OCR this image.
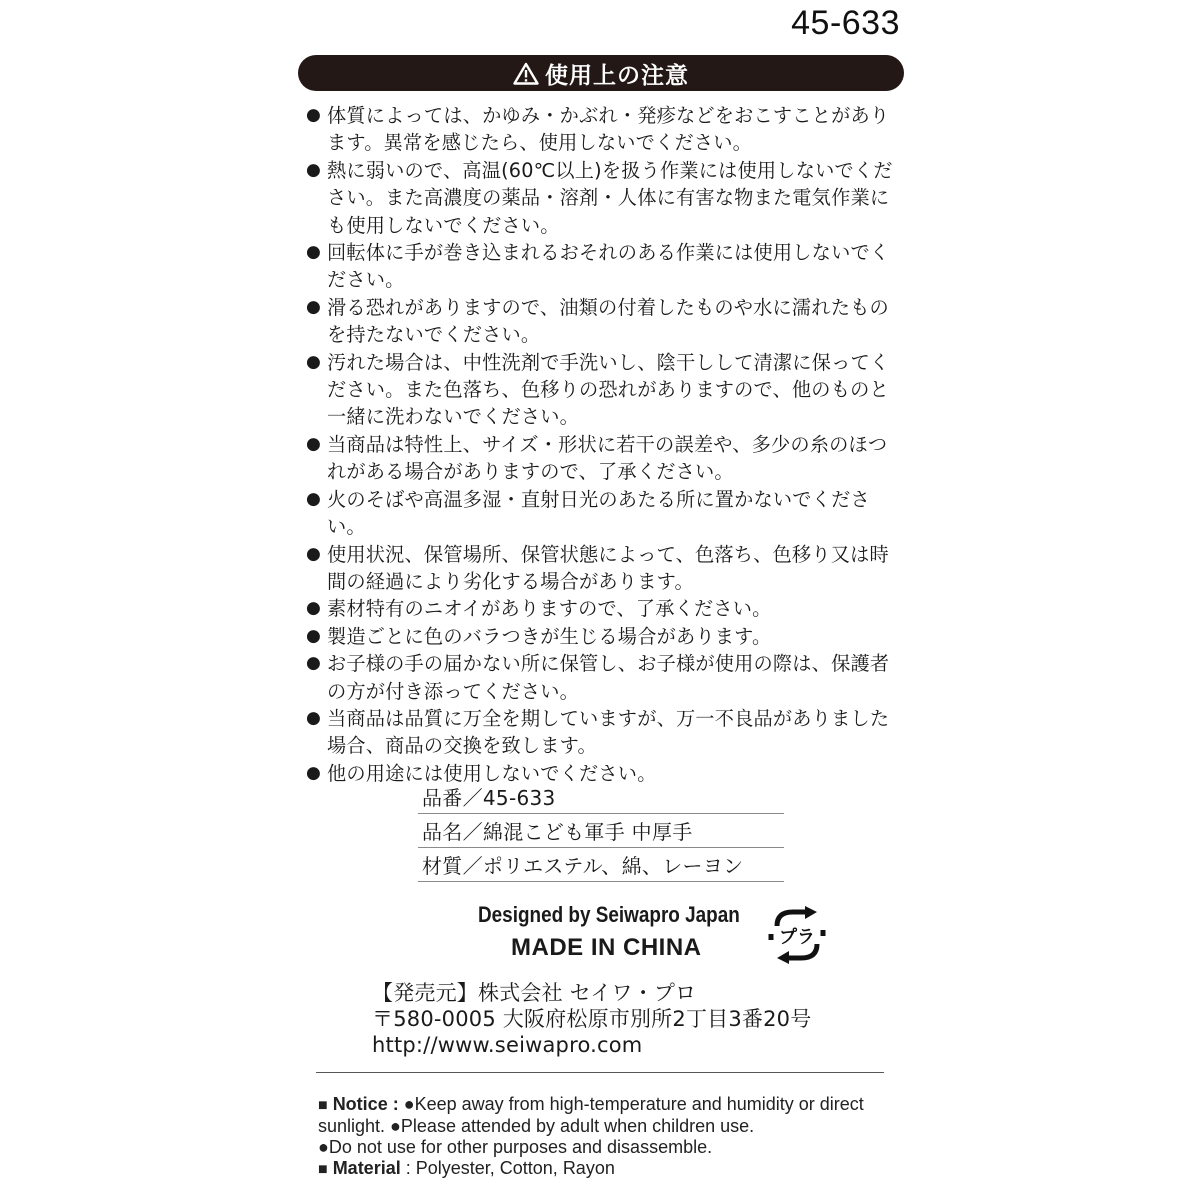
45-633
使用上の注意
● 体質によっては、かゆみ・かぶれ・発疹などをおこすことがあります。異常を感じたら、使用しないでください。
● 熱に弱いので、高温(60℃以上)を扱う作業には使用しないでください。また高濃度の薬品・溶剤・人体に有害な物また電気作業にも使用しないでください。
● 回転体に手が巻き込まれるおそれのある作業には使用しないでください。
● 滑る恐れがありますので、油類の付着したものや水に濡れたものを持たないでください。
● 汚れた場合は、中性洗剤で手洗いし、陰干しして清潔に保ってください。また色落ち、色移りの恐れがありますので、他のものと一緒に洗わないでください。
● 当商品は特性上、サイズ・形状に若干の誤差や、多少の糸のほつれがある場合がありますので、了承ください。
● 火のそばや高温多湿・直射日光のあたる所に置かないでください。
● 使用状況、保管場所、保管状態によって、色落ち、色移り又は時間の経過により劣化する場合があります。
● 素材特有のニオイがありますので、了承ください。
● 製造ごとに色のバラつきが生じる場合があります。
● お子様の手の届かない所に保管し、お子様が使用の際は、保護者の方が付き添ってください。
● 当商品は品質に万全を期していますが、万一不良品がありました場合、商品の交換を致します。
● 他の用途には使用しないでください。
品番／45-633
品名／綿混こども軍手 中厚手
材質／ポリエステル、綿、レーヨン
Designed by Seiwapro Japan
MADE IN CHINA	プラ
【発売元】株式会社 セイワ・プロ
〒580-0005 大阪府松原市別所2丁目3番20号
http://www.seiwapro.com
■ Notice : ●Keep away from high-temperature and humidity or direct sunlight. ●Please attended by adult when children use.
●Do not use for other purposes and disassemble.
■ Material : Polyester, Cotton, Rayon
